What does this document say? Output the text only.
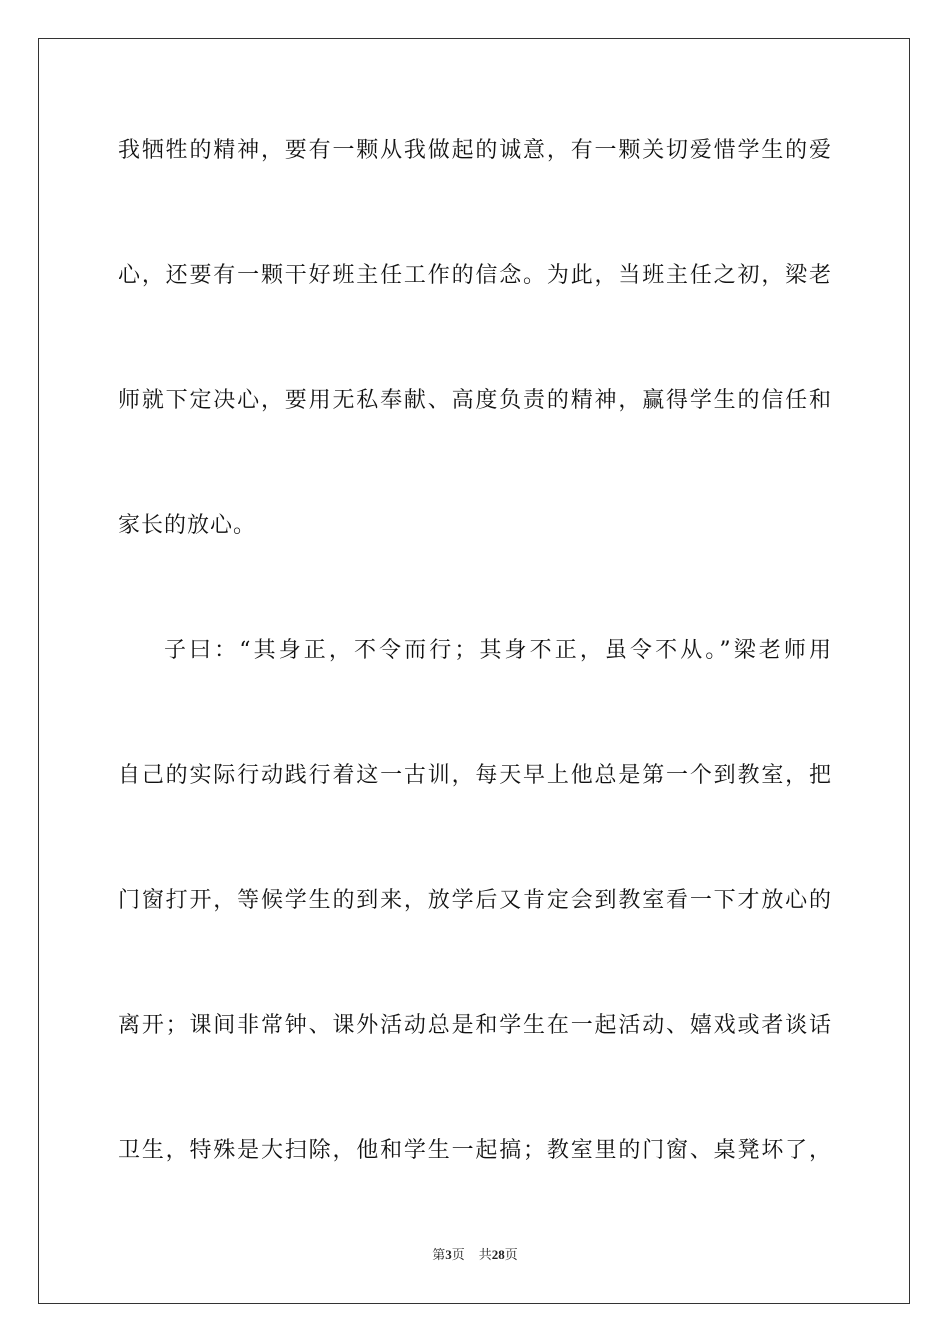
我牺牲的精神，要有一颗从我做起的诚意，有一颗关切爱惜学生的爱
心，还要有一颗干好班主任工作的信念。为此，当班主任之初，梁老
师就下定决心，要用无私奉献、高度负责的精神，赢得学生的信任和
家长的放心。
子曰：“其身正，不令而行；其身不正，虽令不从。”梁老师用
自己的实际行动践行着这一古训，每天早上他总是第一个到教室，把
门窗打开，等候学生的到来，放学后又肯定会到教室看一下才放心的
离开；课间非常钟、课外活动总是和学生在一起活动、嬉戏或者谈话
卫生，特殊是大扫除，他和学生一起搞；教室里的门窗、桌凳坏了，
第3页 共28页
